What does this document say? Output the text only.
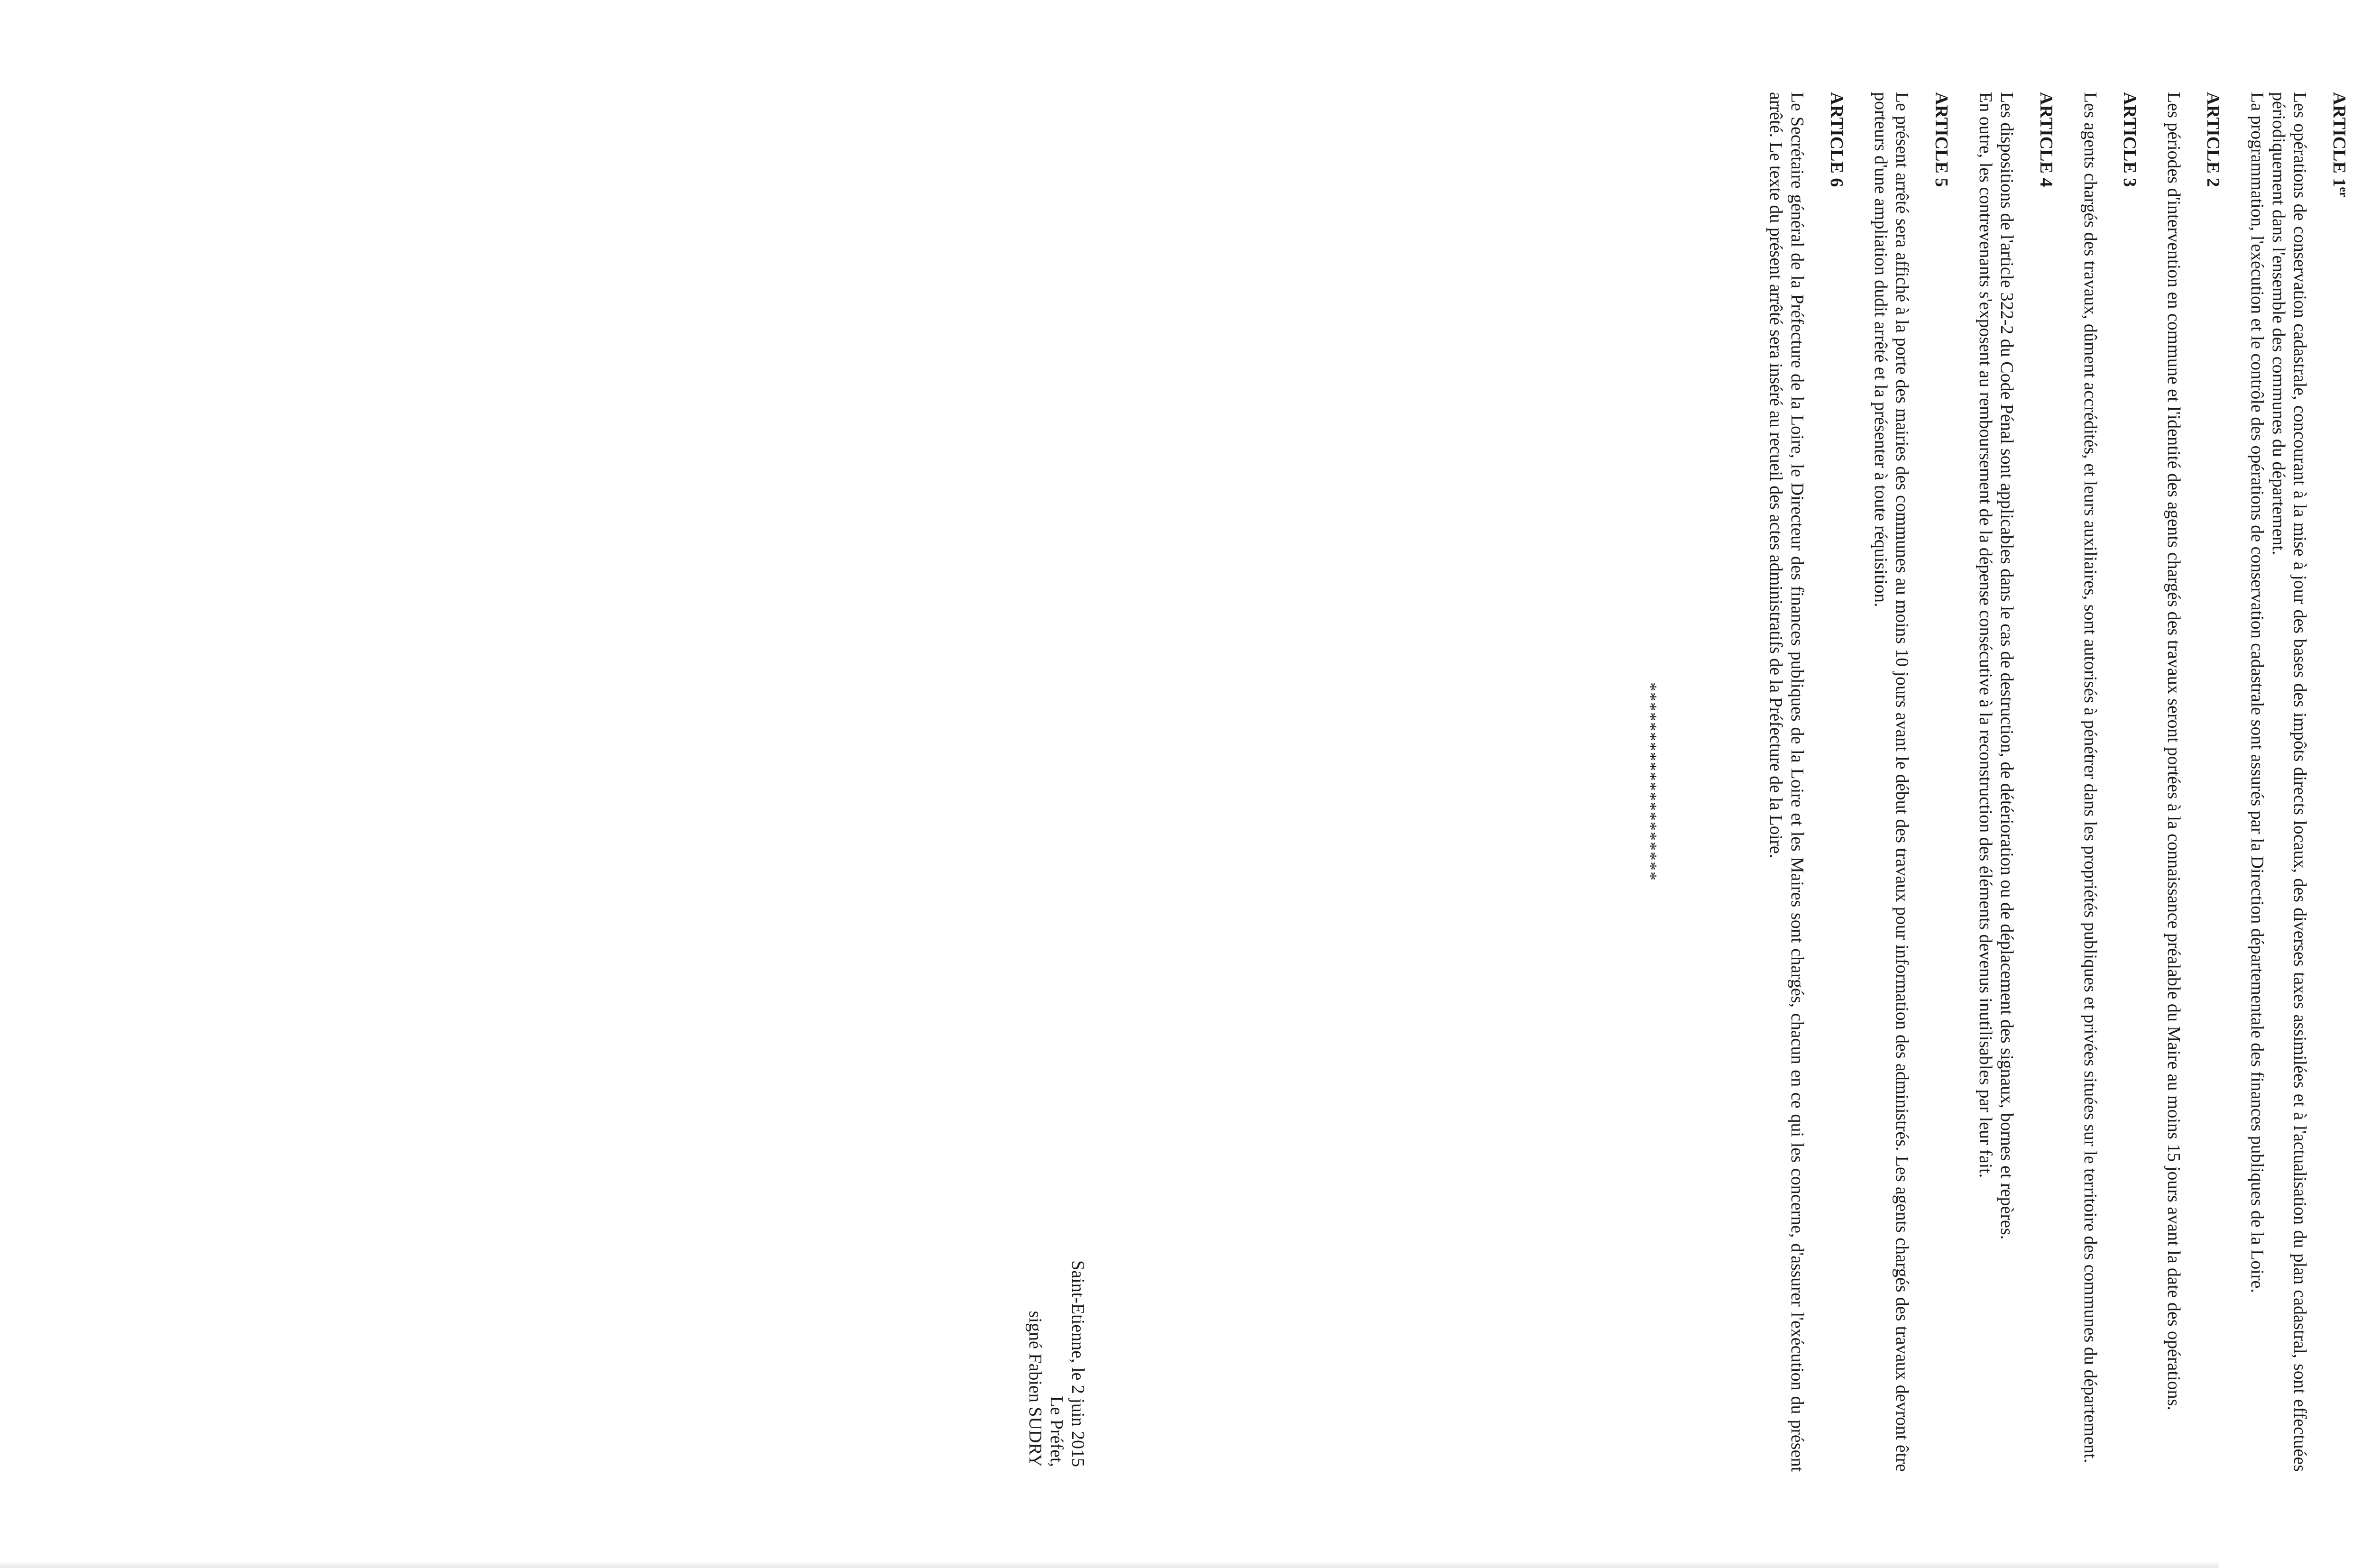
ARTICLE 1er

Les opérations de conservation cadastrale, concourant à la mise à jour des bases des impôts directs locaux, des diverses taxes assimilées et à l'actualisation du plan cadastral, sont effectuées périodiquement dans l'ensemble des communes du département.
La programmation, l'exécution et le contrôle des opérations de conservation cadastrale sont assurés par la Direction départementale des finances publiques de la Loire.

ARTICLE 2

Les périodes d'intervention en commune et l'identité des agents chargés des travaux seront portées à la connaissance préalable du Maire au moins 15 jours avant la date des opérations.

ARTICLE 3

Les agents chargés des travaux, dûment accrédités, et leurs auxiliaires, sont autorisés à pénétrer dans les propriétés publiques et privées situées sur le territoire des communes du département.

ARTICLE 4

Les dispositions de l'article 322-2 du Code Pénal sont applicables dans le cas de destruction, de détérioration ou de déplacement des signaux, bornes et repères.
En outre, les contrevenants s'exposent au remboursement de la dépense consécutive à la reconstruction des éléments devenus inutilisables par leur fait.

ARTICLE 5

Le présent arrêté sera affiché à la porte des mairies des communes au moins 10 jours avant le début des travaux pour information des administrés. Les agents chargés des travaux devront être porteurs d'une ampliation dudit arrêté et la présenter à toute réquisition.

ARTICLE 6

Le Secrétaire général de la Préfecture de la Loire, le Directeur des finances publiques de la Loire et les Maires sont chargés, chacun en ce qui les concerne, d'assurer l'exécution du présent arrêté. Le texte du présent arrêté sera inséré au recueil des actes administratifs de la Préfecture de la Loire.

********************
Saint-Etienne, le 2 juin 2015
Le Préfet,
signé Fabien SUDRY
